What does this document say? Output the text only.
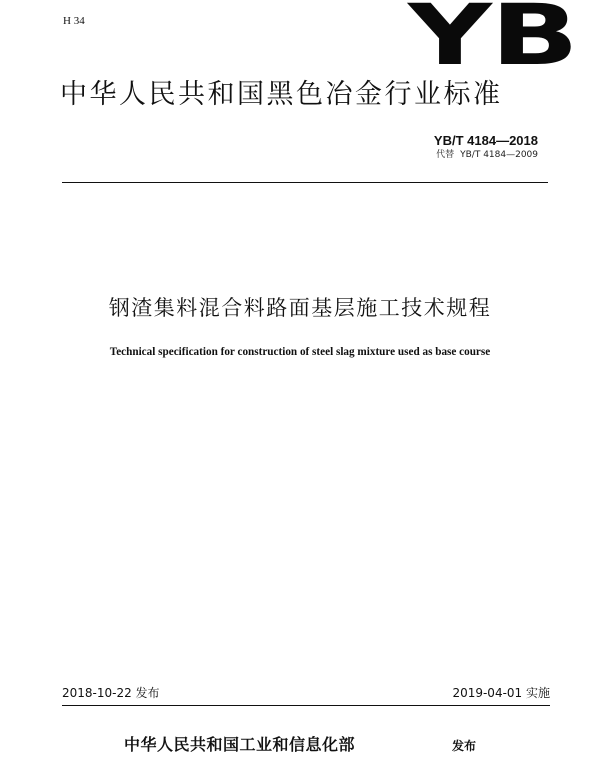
H 34	YB
中华人民共和国黑色冶金行业标准
YB/T 4184—2018
代替 YB/T 4184—2009
钢渣集料混合料路面基层施工技术规程
Technical specification for construction of steel slag mixture used as base course
2018-10-22 发布	2019-04-01 实施
中华人民共和国工业和信息化部	发布
